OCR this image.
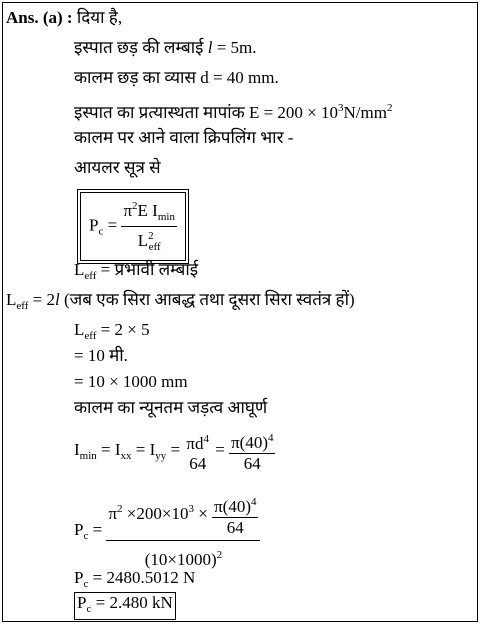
Ans. (a) : दिया है,
इस्पात छड़ की लम्बाई l = 5m.
कालम छड़ का व्यास d = 40 mm.
इस्पात का प्रत्यास्थता मापांक $E = 200 \times 10^3N/mm^2$
कालम पर आने वाला क्रिपलिंग भार -
आयलर सूत्र से
$P_c = \frac{\pi^2E I_{min}}{L^2_{eff}}$
$L_{eff}$ = प्रभावी लम्बाई
$L_{eff} = 2l$ (जब एक सिरा आबद्ध तथा दूसरा सिरा स्वतंत्र हों)
$L_{eff} = 2 \times 5$
= 10 मी.
= 10 × 1000 mm
कालम का न्यूनतम जड़त्व आघूर्ण
$I_{min} = I_{xx} = I_{yy} = \pi d^4$
64
= $\frac{\pi(40)^4}{64}$
$P_c = \frac{\pi^2 \times 200\times 10^3 \times \frac{\pi(40)^4}{64}}{(10\times 1000)^2}$
$P_c = 2480.5012$ N
$P_c = 2.480$ kN
